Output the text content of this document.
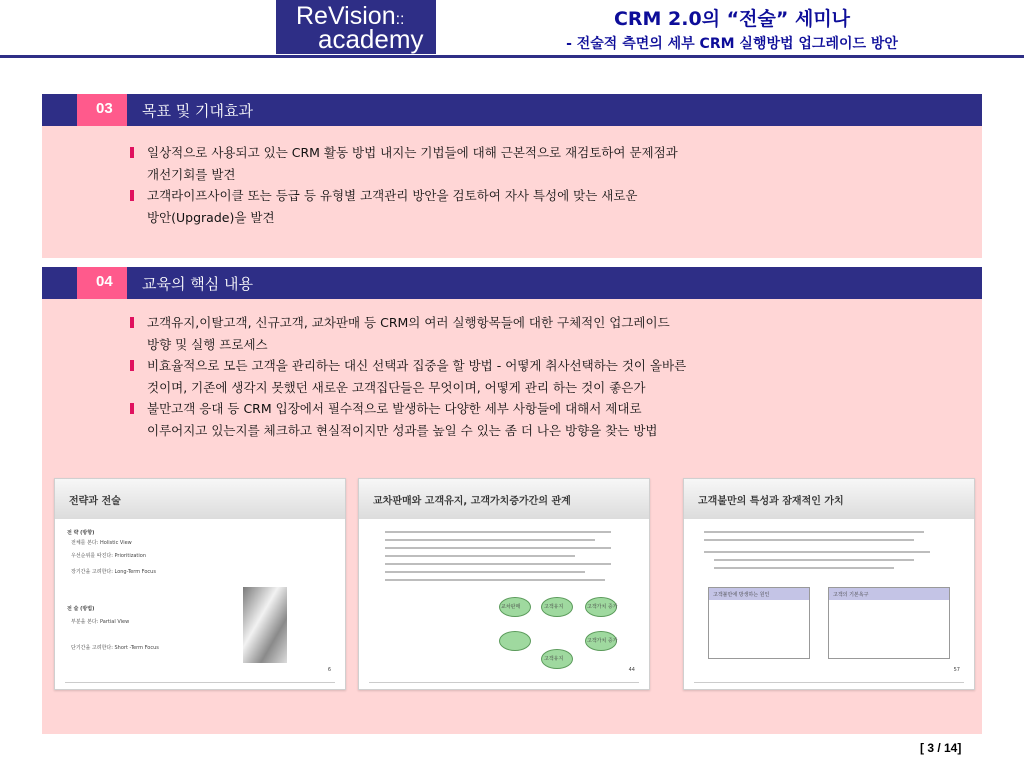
ReVision::
academy
CRM 2.0의 “전술” 세미나
- 전술적 측면의 세부 CRM 실행방법 업그레이드 방안
03 목표 및 기대효과
일상적으로 사용되고 있는 CRM 활동 방법 내지는 기법들에 대해 근본적으로 재검토하여 문제점과
개선기회를 발견
고객라이프사이클 또는 등급 등 유형별 고객관리 방안을 검토하여 자사 특성에 맞는 새로운
방안(Upgrade)을 발견
04 교육의 핵심 내용
고객유지,이탈고객, 신규고객, 교차판매 등 CRM의 여러 실행항목들에 대한 구체적인 업그레이드
방향 및 실행 프로세스
비효율적으로 모든 고객을 관리하는 대신 선택과 집중을 할 방법 - 어떻게 취사선택하는 것이 올바른
것이며, 기존에 생각지 못했던 새로운 고객집단들은 무엇이며, 어떻게 관리 하는 것이 좋은가
불만고객 응대 등 CRM 입장에서 필수적으로 발생하는 다양한 세부 사항들에 대해서 제대로
이루어지고 있는지를 체크하고 현실적이지만 성과를 높일 수 있는 좀 더 나은 방향을 찾는 방법
전략과 전술
전 략 (방향)
전체를 본다: Holistic View
우선순위를 따진다: Prioritization
장기간을 고려한다: Long-Term Focus
전 술 (방법)
부분을 본다: Partial View
단기간을 고려한다: Short -Term Focus
6
교차판매와 고객유지, 고객가치증가간의 관계
교차판매	고객유지	고객가치 증가
고객유지
고객가치 증가
44
고객불만의 특성과 잠재적인 가치
고객불만에 방생하는 원인	고객의 기본욕구
57
[ 3 / 14]
